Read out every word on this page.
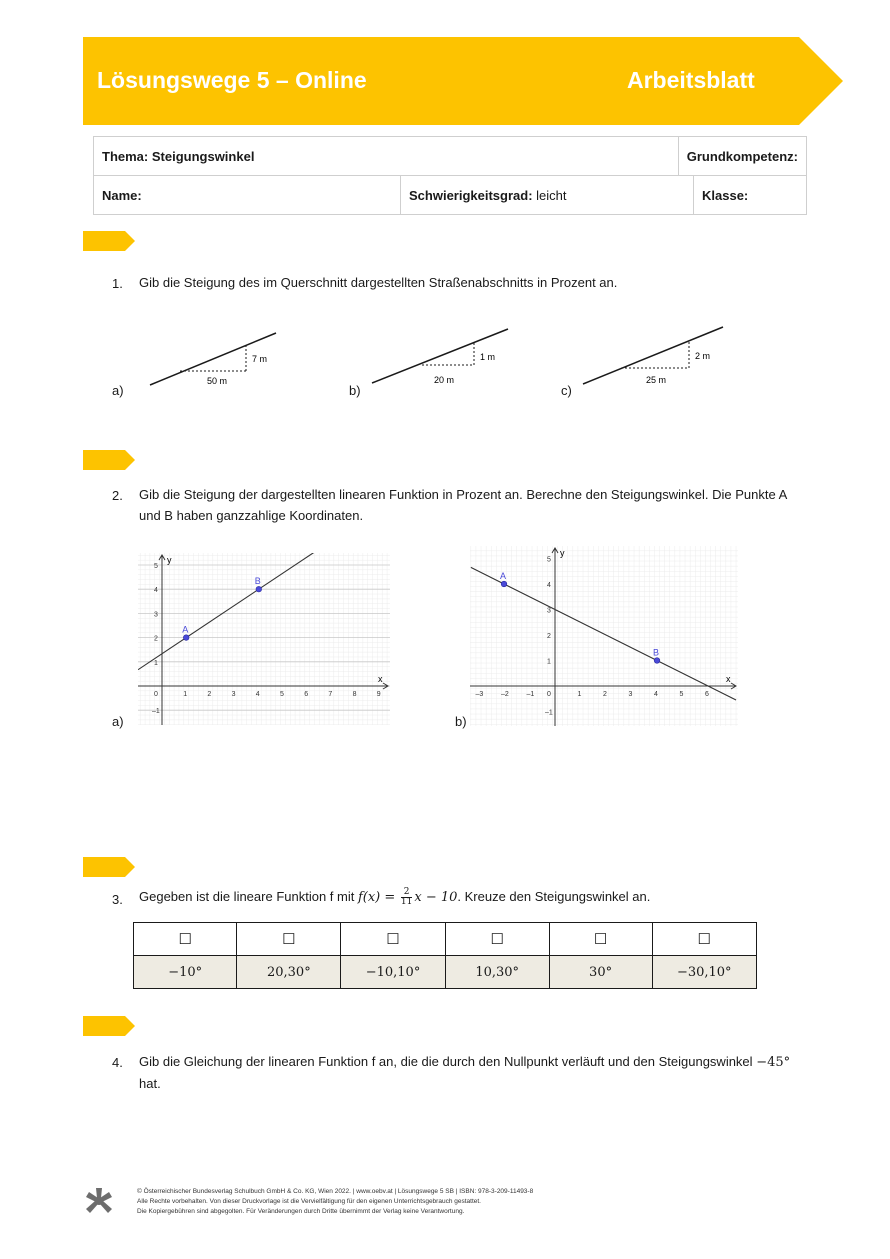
Lösungswege 5 – Online	Arbeitsblatt
Thema: Steigungswinkel		Grundkompetenz:	
Name:	Schwierigkeitsgrad: leicht		Klasse:
1. Gib die Steigung des im Querschnitt dargestellten Straßenabschnitts in Prozent an.
a)
50 m
7 m
b)
20 m
1 m
c)
25 m
2 m
2. Gib die Steigung der dargestellten linearen Funktion in Prozent an. Berechne den Steigungswinkel. Die Punkte A und B haben ganzzahlige Koordinaten.
a)
x
y
0	1	2	3	4	5	6	7	8	9
–1
1
2
3
4
5
A
B
b)
x
y
–3	–2	–1 0	1	2	3	4	5	6
–1
1
2
3
4
5
A
B
3. Gegeben ist die lineare Funktion f mit $f(x) = \frac{2}{11}$ x − 10. Kreuze den Steigungswinkel an.
☐	☐	☐	☐	☐	☐
−10°	20,30°	−10,10°	10,30°	30°	−30,10°
4. Gib die Gleichung der linearen Funktion f an, die die durch den Nullpunkt verläuft und den Steigungswinkel −45° hat.
© Österreichischer Bundesverlag Schulbuch GmbH & Co. KG, Wien 2022. | www.oebv.at | Lösungswege 5 SB | ISBN: 978-3-209-11493-8
Alle Rechte vorbehalten. Von dieser Druckvorlage ist die Vervielfältigung für den eigenen Unterrichtsgebrauch gestattet.
Die Kopiergebühren sind abgegolten. Für Veränderungen durch Dritte übernimmt der Verlag keine Verantwortung.
